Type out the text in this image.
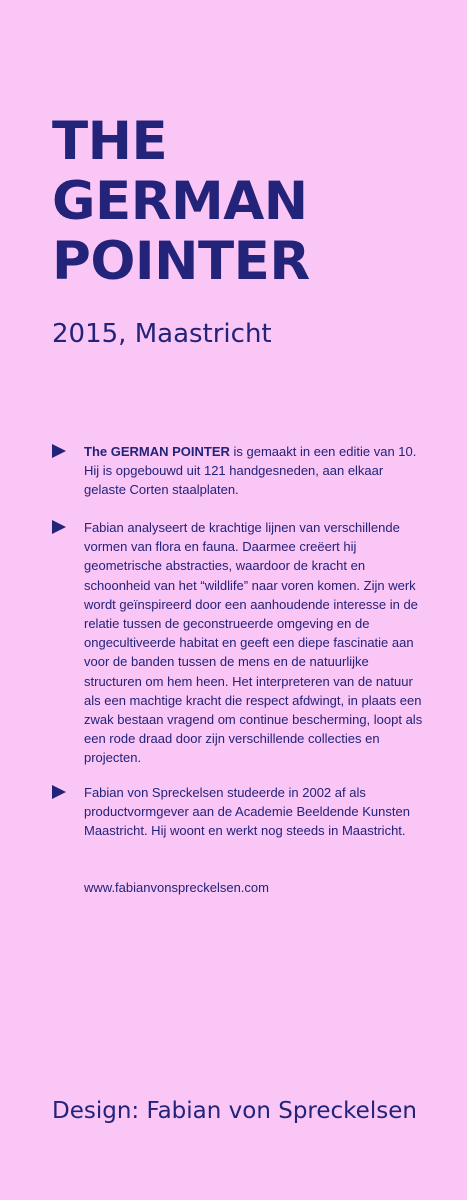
THE
GERMAN
POINTER
2015, Maastricht
The GERMAN POINTER is gemaakt in een editie van 10. Hij is opgebouwd uit 121 handgesneden, aan elkaar gelaste Corten staalplaten.
Fabian analyseert de krachtige lijnen van verschillende vormen van flora en fauna. Daarmee creëert hij geometrische abstracties, waardoor de kracht en schoonheid van het “wildlife” naar voren komen. Zijn werk wordt geïnspireerd door een aanhoudende interesse in de relatie tussen de geconstrueerde omgeving en de ongecultiveerde habitat en geeft een diepe fascinatie aan voor de banden tussen de mens en de natuurlijke structuren om hem heen. Het interpreteren van de natuur als een machtige kracht die respect afdwingt, in plaats een zwak bestaan vragend om continue bescherming, loopt als een rode draad door zijn verschillende collecties en projecten.
Fabian von Spreckelsen studeerde in 2002 af als productvormgever aan de Academie Beeldende Kunsten Maastricht. Hij woont en werkt nog steeds in Maastricht.
www.fabianvonspreckelsen.com
Design: Fabian von Spreckelsen
